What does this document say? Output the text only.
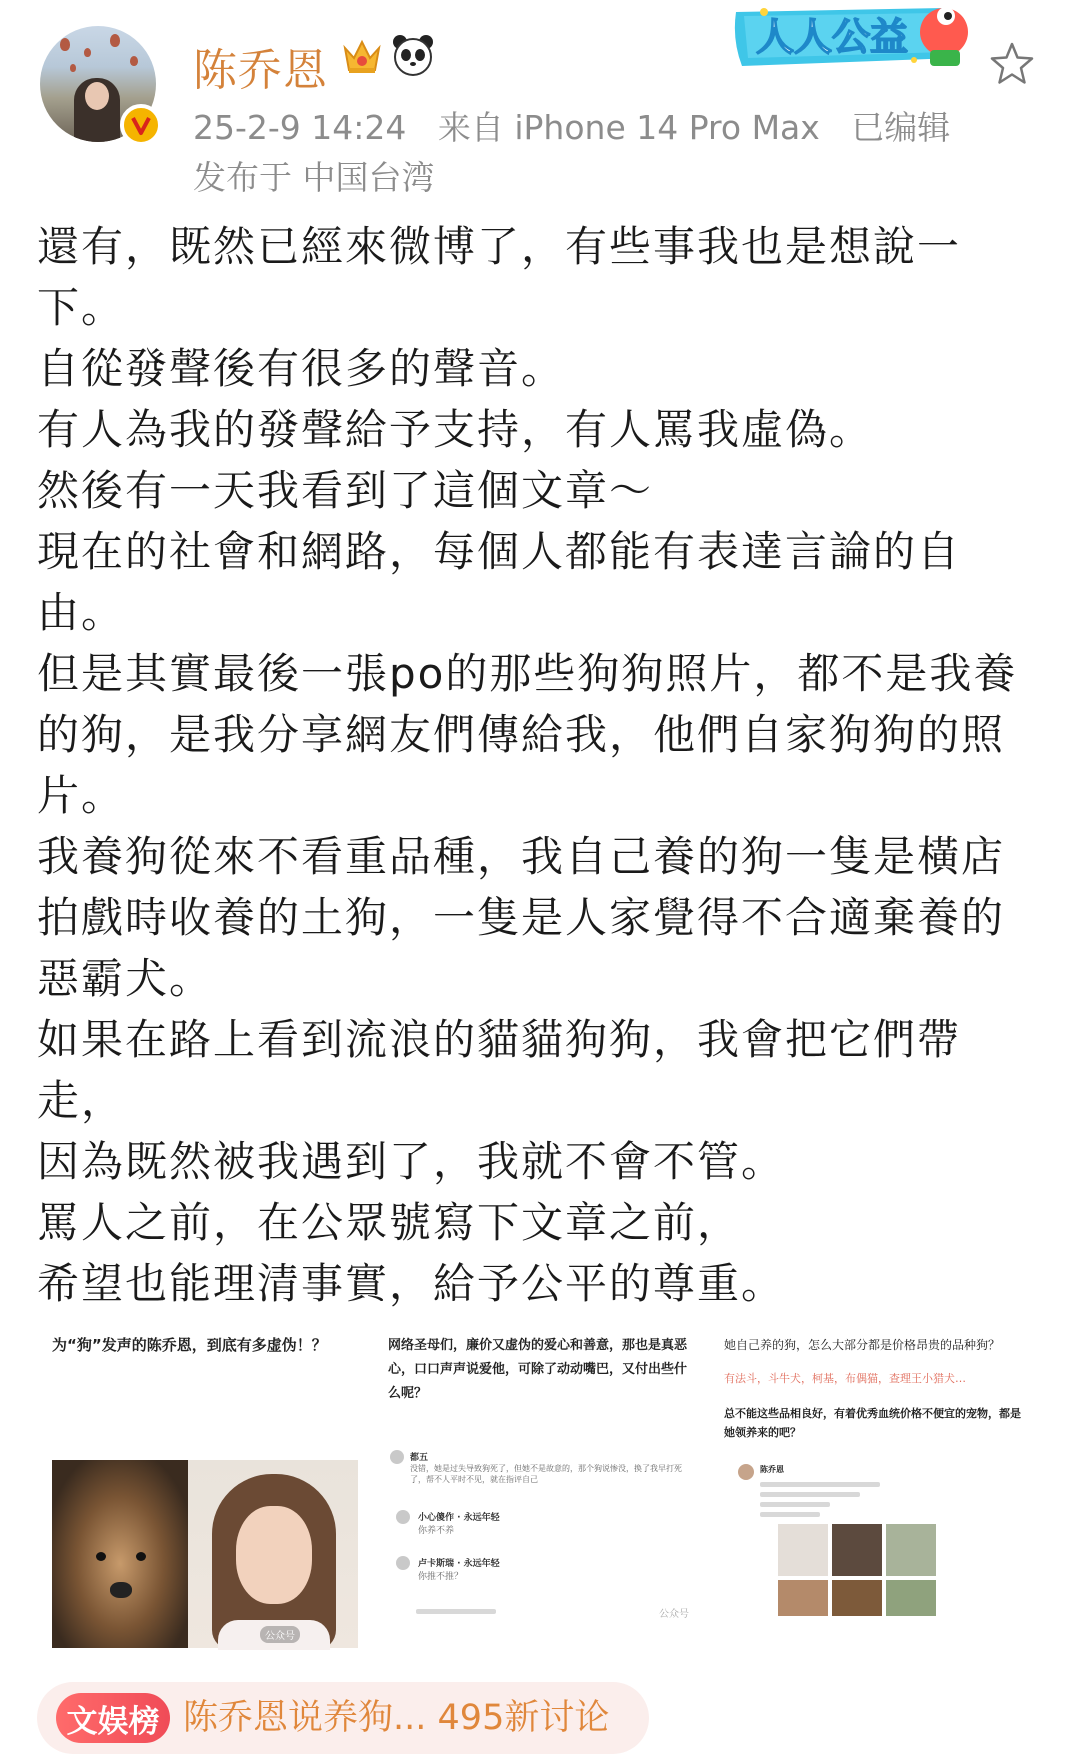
陈乔恩
25-2-9 14:24 来自 iPhone 14 Pro Max 已编辑
发布于 中国台湾
人人公益

還有，既然已經來微博了，有些事我也是想說一下。

自從發聲後有很多的聲音。

有人為我的發聲給予支持，有人罵我虛偽。

然後有一天我看到了這個文章～

現在的社會和網路，每個人都能有表達言論的自由。

但是其實最後一張po的那些狗狗照片，都不是我養的狗，是我分享網友們傳給我，他們自家狗狗的照片。

我養狗從來不看重品種，我自己養的狗一隻是橫店拍戲時收養的土狗，一隻是人家覺得不合適棄養的惡霸犬。

如果在路上看到流浪的貓貓狗狗，我會把它們帶走，

因為既然被我遇到了，我就不會不管。

罵人之前，在公眾號寫下文章之前，

希望也能理清事實，給予公平的尊重。

为“狗”发声的陈乔恩，到底有多虚伪！？
公众号
网络圣母们，廉价又虚伪的爱心和善意，那也是真恶心，口口声声说爱他，可除了动动嘴巴，又付出些什么呢？
都五
没错，她是过失导致狗死了，但她不是故意的，那个狗说惨没，换了我早打死了，帮不人平时不见，就在指评自己
小心傻作 · 永远年轻
你养不养
卢卡斯瑞 · 永远年轻
你推不推？
公众号
她自己养的狗，怎么大部分都是价格昂贵的品种狗？
有法斗，斗牛犬，柯基，布偶猫，查理王小猎犬…
总不能这些品相良好，有着优秀血统价格不便宜的宠物，都是她领养来的吧？
陈乔恩
文娱榜 陈乔恩说养狗... 495新讨论
